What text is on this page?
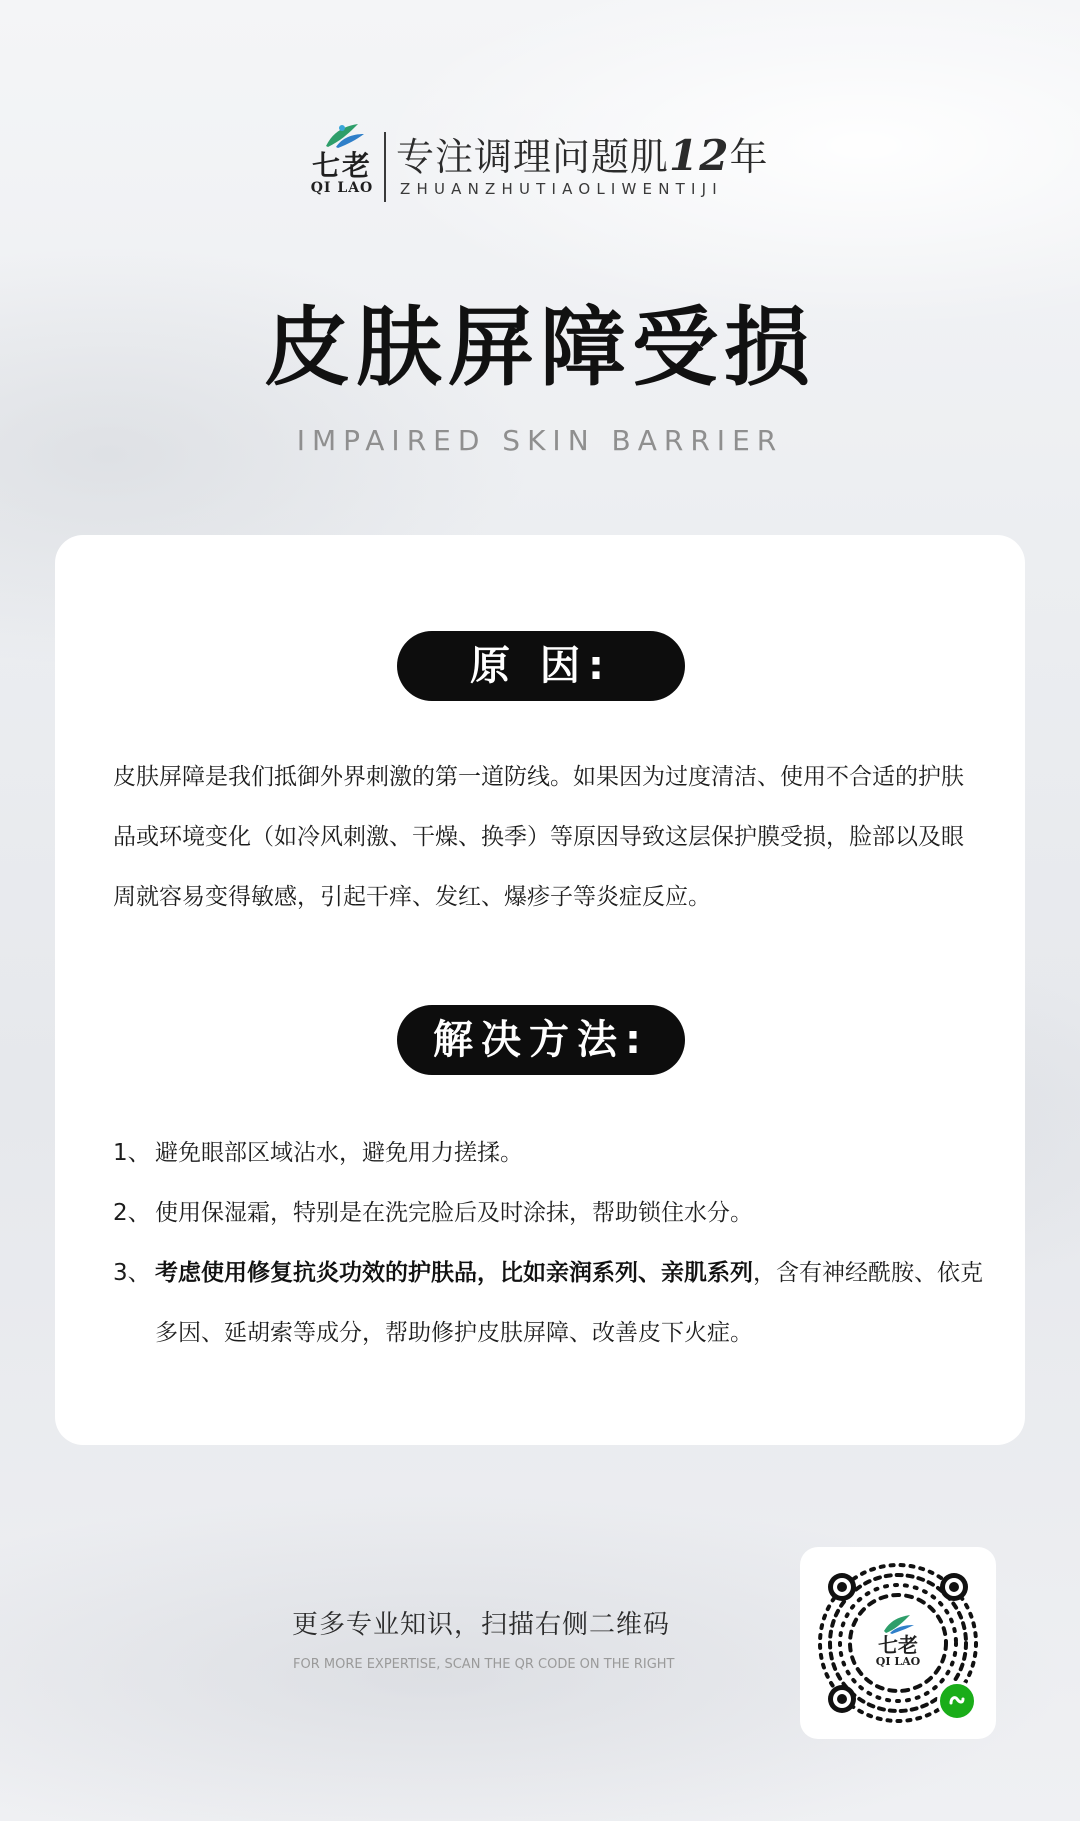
七老
QI LAO
专注调理问题肌12年
ZHUANZHUTIAOLIWENTIJI
皮肤屏障受损
IMPAIRED SKIN BARRIER
原 因:
皮肤屏障是我们抵御外界刺激的第一道防线。如果因为过度清洁、使用不合适的护肤品或环境变化（如冷风刺激、干燥、换季）等原因导致这层保护膜受损，脸部以及眼周就容易变得敏感，引起干痒、发红、爆疹子等炎症反应。
解决方法:
1、 避免眼部区域沾水，避免用力搓揉。
2、 使用保湿霜，特别是在洗完脸后及时涂抹，帮助锁住水分。
3、 考虑使用修复抗炎功效的护肤品，比如亲润系列、亲肌系列，含有神经酰胺、依克多因、延胡索等成分，帮助修护皮肤屏障、改善皮下火症。
更多专业知识，扫描右侧二维码
FOR MORE EXPERTISE, SCAN THE QR CODE ON THE RIGHT
七老
QI LAO
